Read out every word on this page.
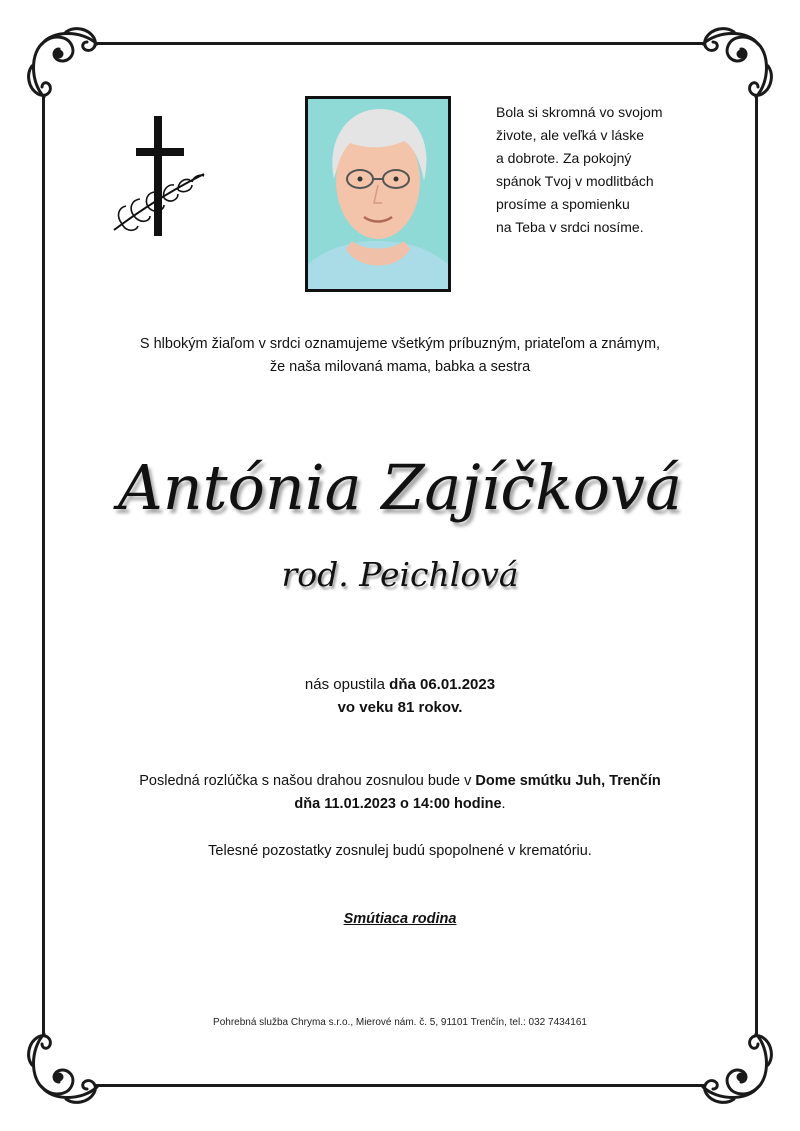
Bola si skromná vo svojom
živote, ale veľká v láske
a dobrote. Za pokojný
spánok Tvoj v modlitbách
prosíme a spomienku
na Teba v srdci nosíme.
S hlbokým žiaľom v srdci oznamujeme všetkým príbuzným, priateľom a známym,
že naša milovaná mama, babka a sestra
Antónia Zajíčková
rod. Peichlová
nás opustila dňa 06.01.2023
vo veku 81 rokov.
Posledná rozlúčka s našou drahou zosnulou bude v Dome smútku Juh, Trenčín
dňa 11.01.2023 o 14:00 hodine.
Telesné pozostatky zosnulej budú spopolnené v krematóriu.
Smútiaca rodina
Pohrebná služba Chryma s.r.o., Mierové nám. č. 5, 91101 Trenčín, tel.: 032 7434161
